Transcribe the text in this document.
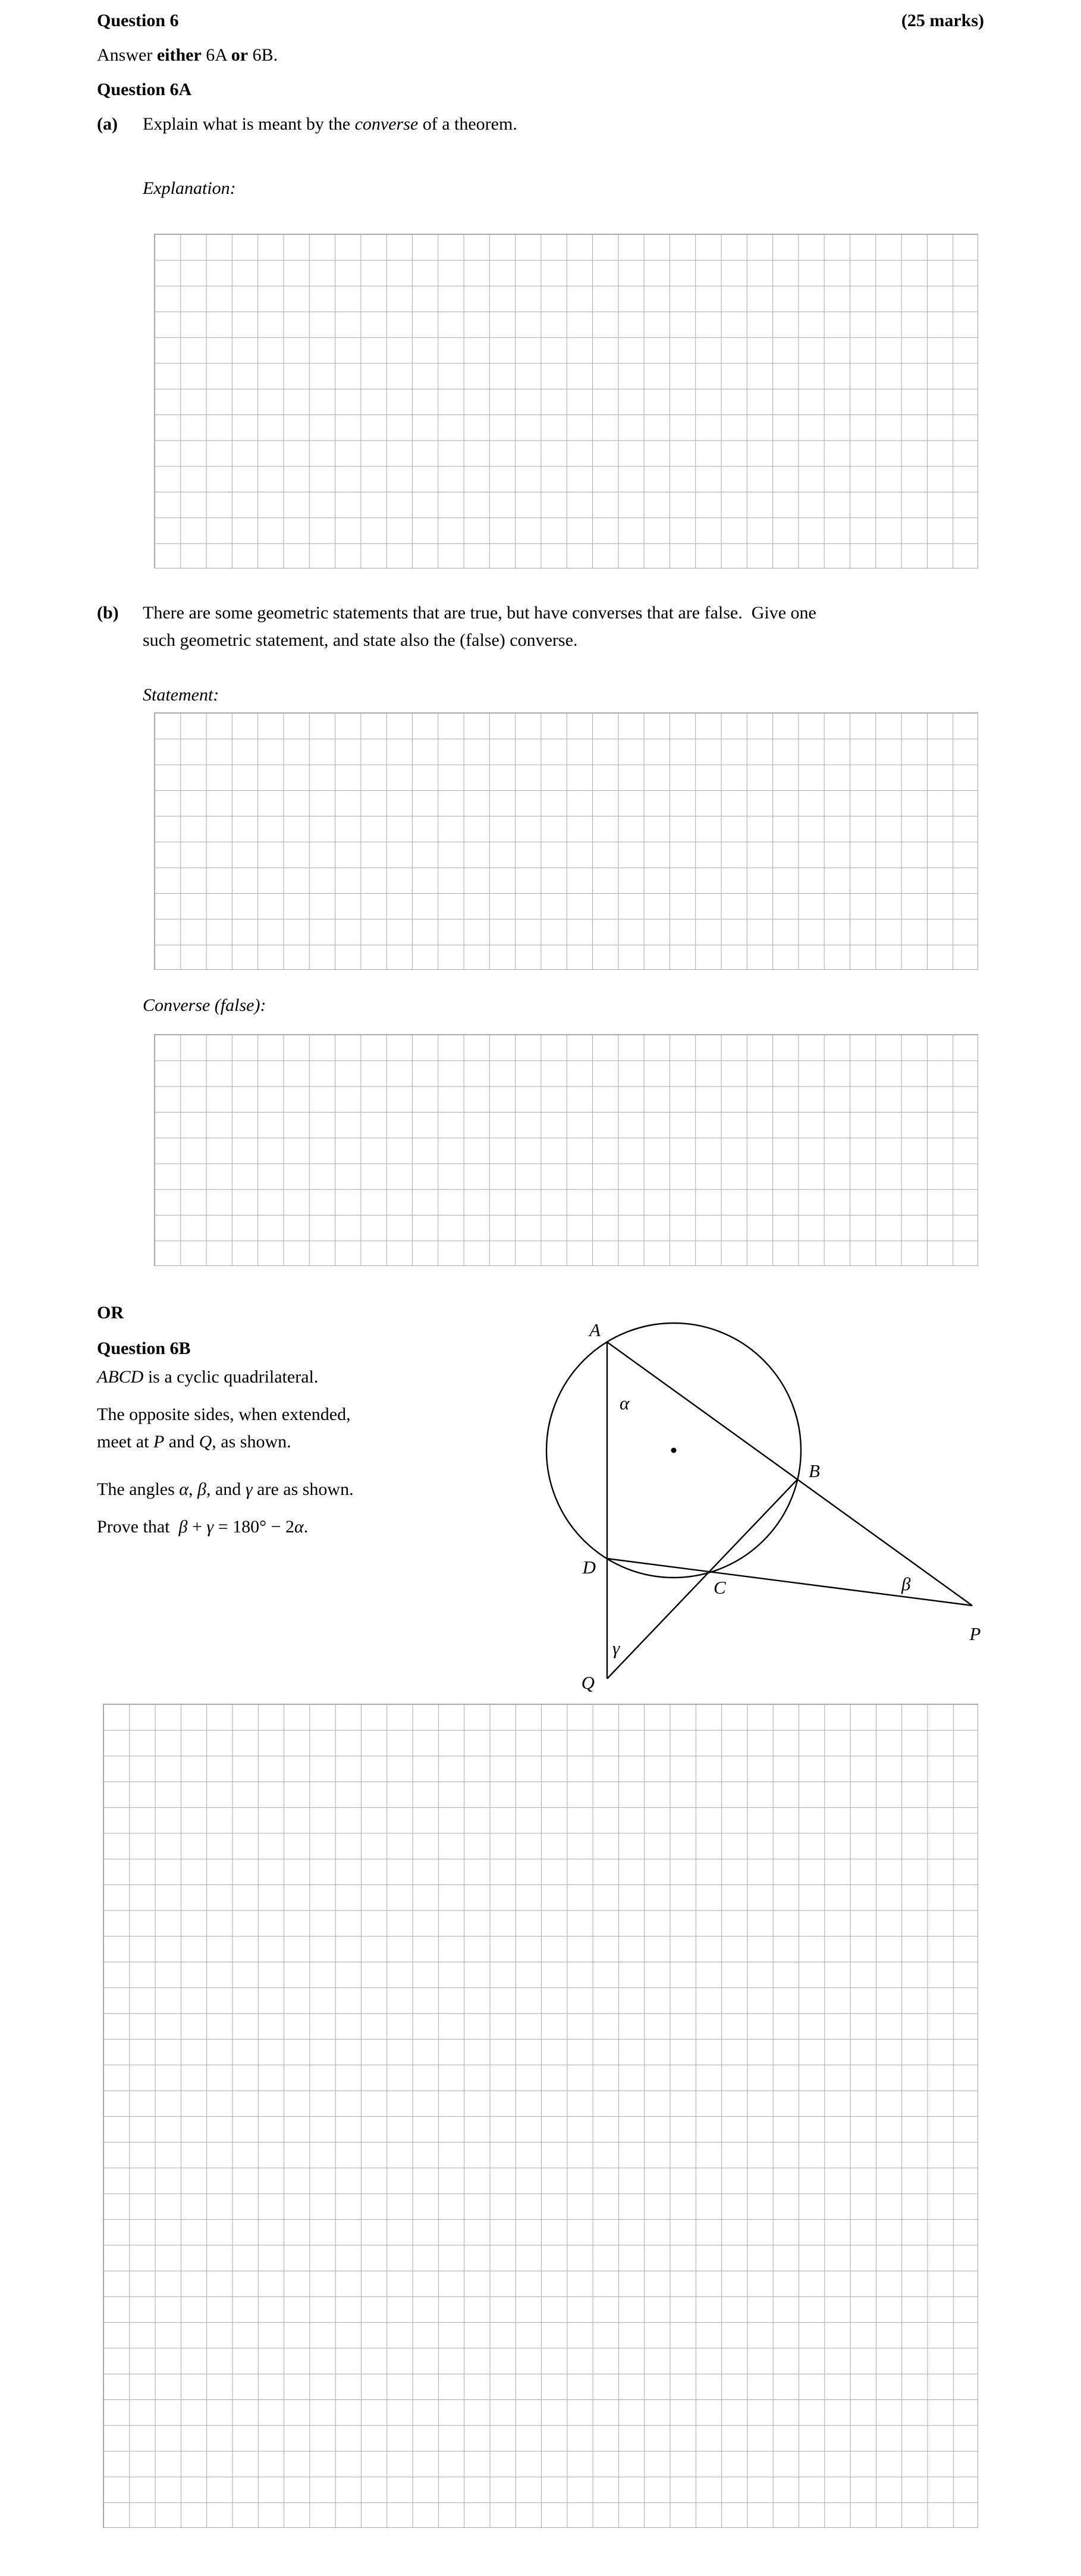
Question 6	(25 marks)
Answer either 6A or 6B.
Question 6A
(a) Explain what is meant by the converse of a theorem.
Explanation:
(b) There are some geometric statements that are true, but have converses that are false.  Give one
such geometric statement, and state also the (false) converse.
Statement:
Converse (false):
OR
Question 6B
ABCD is a cyclic quadrilateral.
The opposite sides, when extended,
meet at P and Q, as shown.
The angles α, β, and γ are as shown.
Prove that  β + γ = 180° − 2α.
A
B
C
D
P
Q
α
β
γ
